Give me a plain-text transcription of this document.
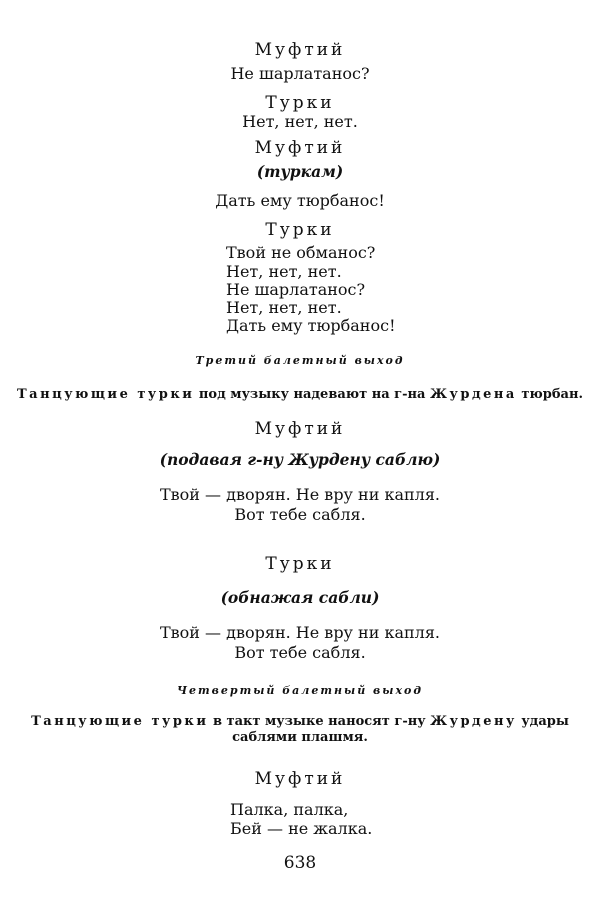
Муфтий
Не шарлатанос?
Турки
Нет, нет, нет.
Муфтий
(туркам)
Дать ему тюрбанос!
Турки
Твой не обманос?
Нет, нет, нет.
Не шарлатанос?
Нет, нет, нет.
Дать ему тюрбанос!
Третий балетный выход
Танцующие турки под музыку надевают на г-на Журдена тюрбан.
Муфтий
(подавая г-ну Журдену саблю)
Твой — дворян. Не вру ни капля.
Вот тебе сабля.
Турки
(обнажая сабли)
Твой — дворян. Не вру ни капля.
Вот тебе сабля.
Четвертый балетный выход
Танцующие турки в такт музыке наносят г-ну Журдену удары
саблями плашмя.
Муфтий
Палка, палка,
Бей — не жалка.
638
